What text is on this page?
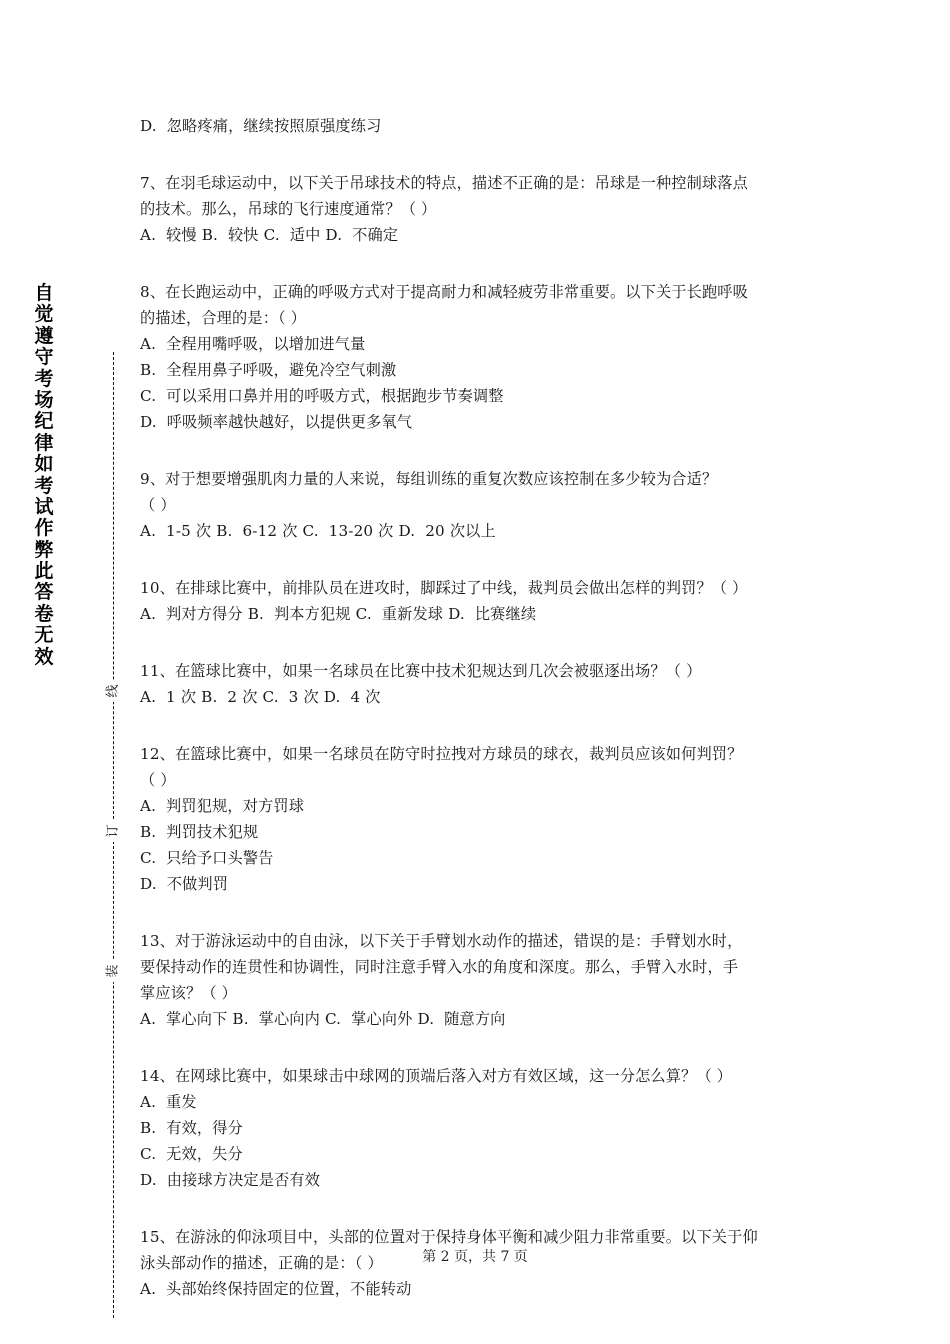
自
觉
遵
守
考
场
纪
律
如
考
试
作
弊
此
答
卷
无
效
线
订
装
D.  忽略疼痛，继续按照原强度练习
7、在羽毛球运动中，以下关于吊球技术的特点，描述不正确的是：吊球是一种控制球落点
的技术。那么，吊球的飞行速度通常？（ ）
A.  较慢 B.  较快 C.  适中 D.  不确定
8、在长跑运动中，正确的呼吸方式对于提高耐力和减轻疲劳非常重要。以下关于长跑呼吸
的描述，合理的是：（ ）
A.  全程用嘴呼吸，以增加进气量
B.  全程用鼻子呼吸，避免冷空气刺激
C.  可以采用口鼻并用的呼吸方式，根据跑步节奏调整
D.  呼吸频率越快越好，以提供更多氧气
9、对于想要增强肌肉力量的人来说，每组训练的重复次数应该控制在多少较为合适？
（ ）
A.  1-5 次 B.  6-12 次 C.  13-20 次 D.  20 次以上
10、在排球比赛中，前排队员在进攻时，脚踩过了中线，裁判员会做出怎样的判罚？（ ）
A.  判对方得分 B.  判本方犯规 C.  重新发球 D.  比赛继续
11、在篮球比赛中，如果一名球员在比赛中技术犯规达到几次会被驱逐出场？（ ）
A.  1 次 B.  2 次 C.  3 次 D.  4 次
12、在篮球比赛中，如果一名球员在防守时拉拽对方球员的球衣，裁判员应该如何判罚？
（ ）
A.  判罚犯规，对方罚球
B.  判罚技术犯规
C.  只给予口头警告
D.  不做判罚
13、对于游泳运动中的自由泳，以下关于手臂划水动作的描述，错误的是：手臂划水时，
要保持动作的连贯性和协调性，同时注意手臂入水的角度和深度。那么，手臂入水时，手
掌应该？（ ）
A.  掌心向下 B.  掌心向内 C.  掌心向外 D.  随意方向
14、在网球比赛中，如果球击中球网的顶端后落入对方有效区域，这一分怎么算？（ ）
A.  重发
B.  有效，得分
C.  无效，失分
D.  由接球方决定是否有效
15、在游泳的仰泳项目中，头部的位置对于保持身体平衡和减少阻力非常重要。以下关于仰
泳头部动作的描述，正确的是：（ ）
A.  头部始终保持固定的位置，不能转动
第 2 页，共 7 页
